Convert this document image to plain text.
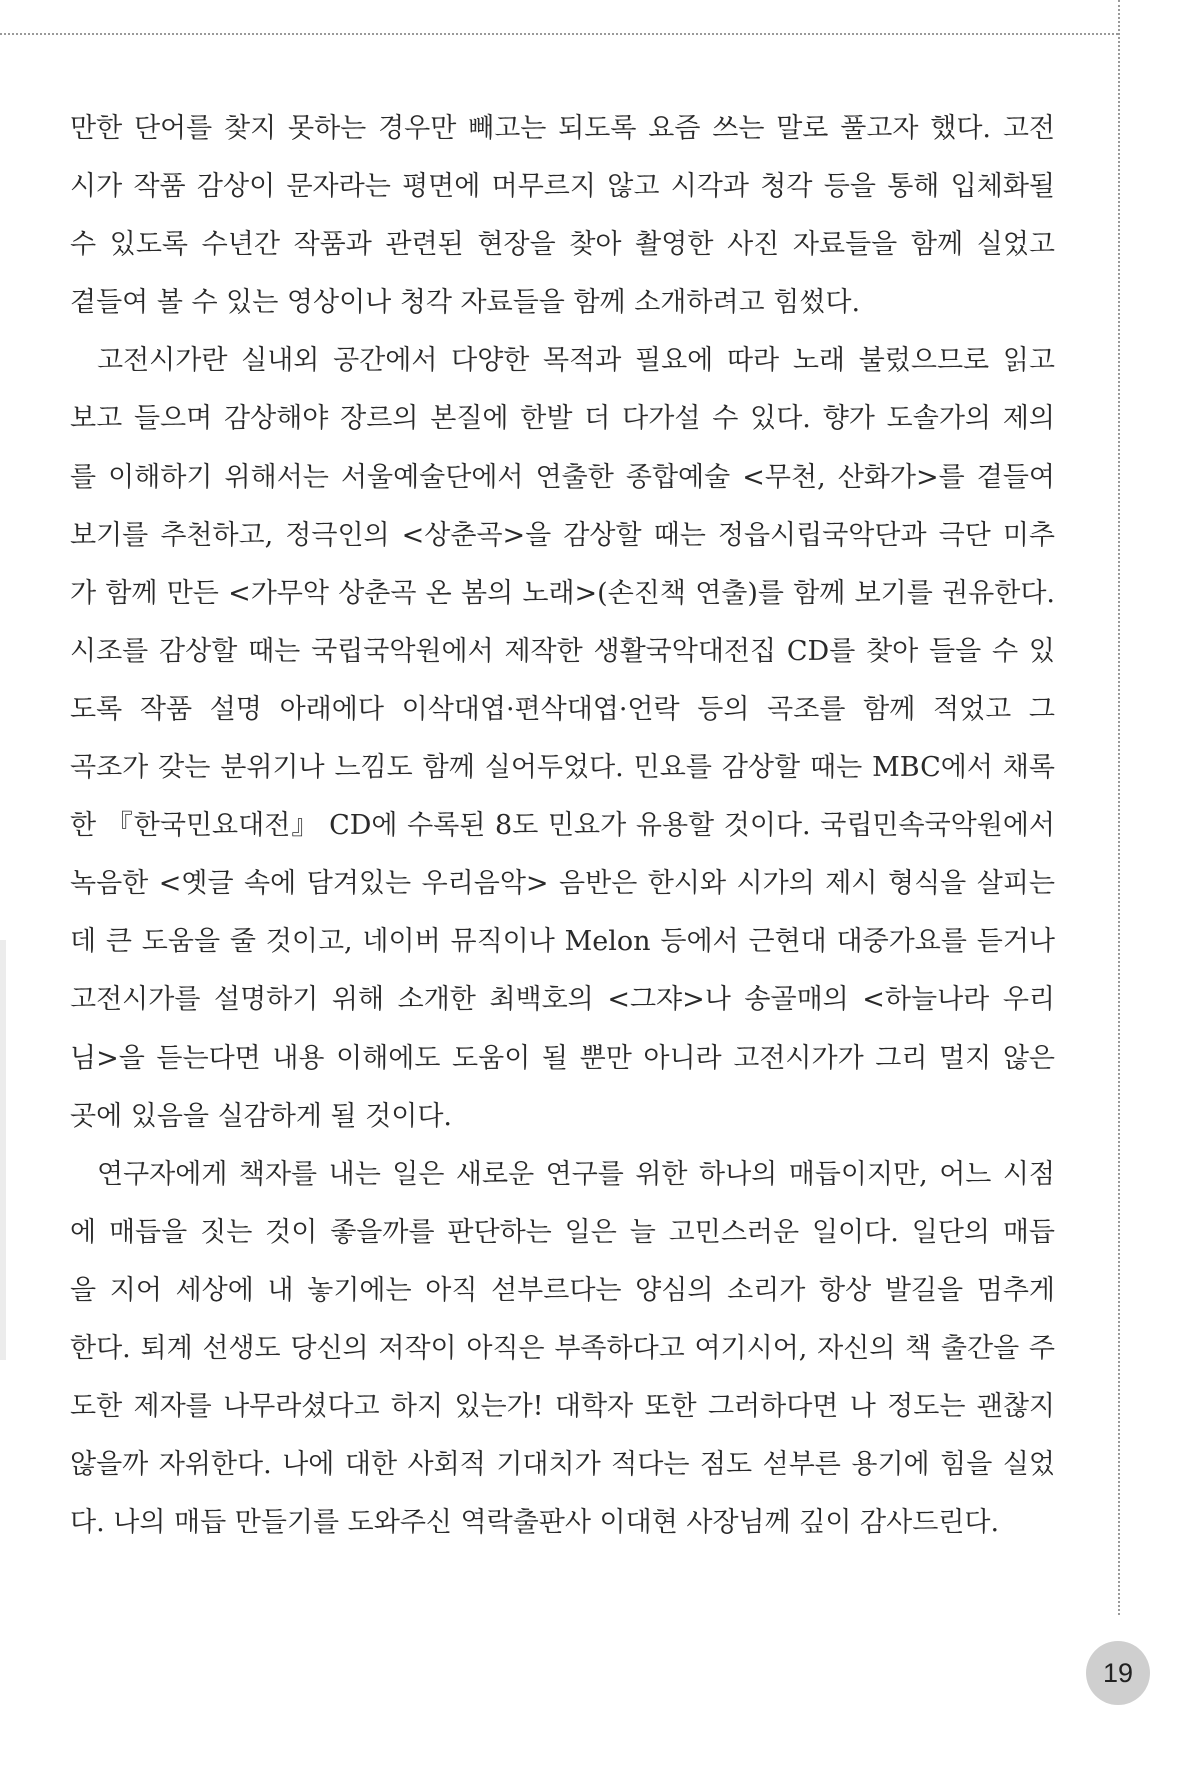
만한 단어를 찾지 못하는 경우만 빼고는 되도록 요즘 쓰는 말로 풀고자 했다. 고전
시가 작품 감상이 문자라는 평면에 머무르지 않고 시각과 청각 등을 통해 입체화될
수 있도록 수년간 작품과 관련된 현장을 찾아 촬영한 사진 자료들을 함께 실었고
곁들여 볼 수 있는 영상이나 청각 자료들을 함께 소개하려고 힘썼다.
고전시가란 실내외 공간에서 다양한 목적과 필요에 따라 노래 불렀으므로 읽고
보고 들으며 감상해야 장르의 본질에 한발 더 다가설 수 있다. 향가 도솔가의 제의
를 이해하기 위해서는 서울예술단에서 연출한 종합예술 <무천, 산화가>를 곁들여
보기를 추천하고, 정극인의 <상춘곡>을 감상할 때는 정읍시립국악단과 극단 미추
가 함께 만든 <가무악 상춘곡 온 봄의 노래>(손진책 연출)를 함께 보기를 권유한다.
시조를 감상할 때는 국립국악원에서 제작한 생활국악대전집 CD를 찾아 들을 수 있
도록 작품 설명 아래에다 이삭대엽·편삭대엽·언락 등의 곡조를 함께 적었고 그
곡조가 갖는 분위기나 느낌도 함께 실어두었다. 민요를 감상할 때는 MBC에서 채록
한 『한국민요대전』 CD에 수록된 8도 민요가 유용할 것이다. 국립민속국악원에서
녹음한 <옛글 속에 담겨있는 우리음악> 음반은 한시와 시가의 제시 형식을 살피는
데 큰 도움을 줄 것이고, 네이버 뮤직이나 Melon 등에서 근현대 대중가요를 듣거나
고전시가를 설명하기 위해 소개한 최백호의 <그쟈>나 송골매의 <하늘나라 우리
님>을 듣는다면 내용 이해에도 도움이 될 뿐만 아니라 고전시가가 그리 멀지 않은
곳에 있음을 실감하게 될 것이다.
연구자에게 책자를 내는 일은 새로운 연구를 위한 하나의 매듭이지만, 어느 시점
에 매듭을 짓는 것이 좋을까를 판단하는 일은 늘 고민스러운 일이다. 일단의 매듭
을 지어 세상에 내 놓기에는 아직 섣부르다는 양심의 소리가 항상 발길을 멈추게
한다. 퇴계 선생도 당신의 저작이 아직은 부족하다고 여기시어, 자신의 책 출간을 주
도한 제자를 나무라셨다고 하지 있는가! 대학자 또한 그러하다면 나 정도는 괜찮지
않을까 자위한다. 나에 대한 사회적 기대치가 적다는 점도 섣부른 용기에 힘을 실었
다. 나의 매듭 만들기를 도와주신 역락출판사 이대현 사장님께 깊이 감사드린다.
19
